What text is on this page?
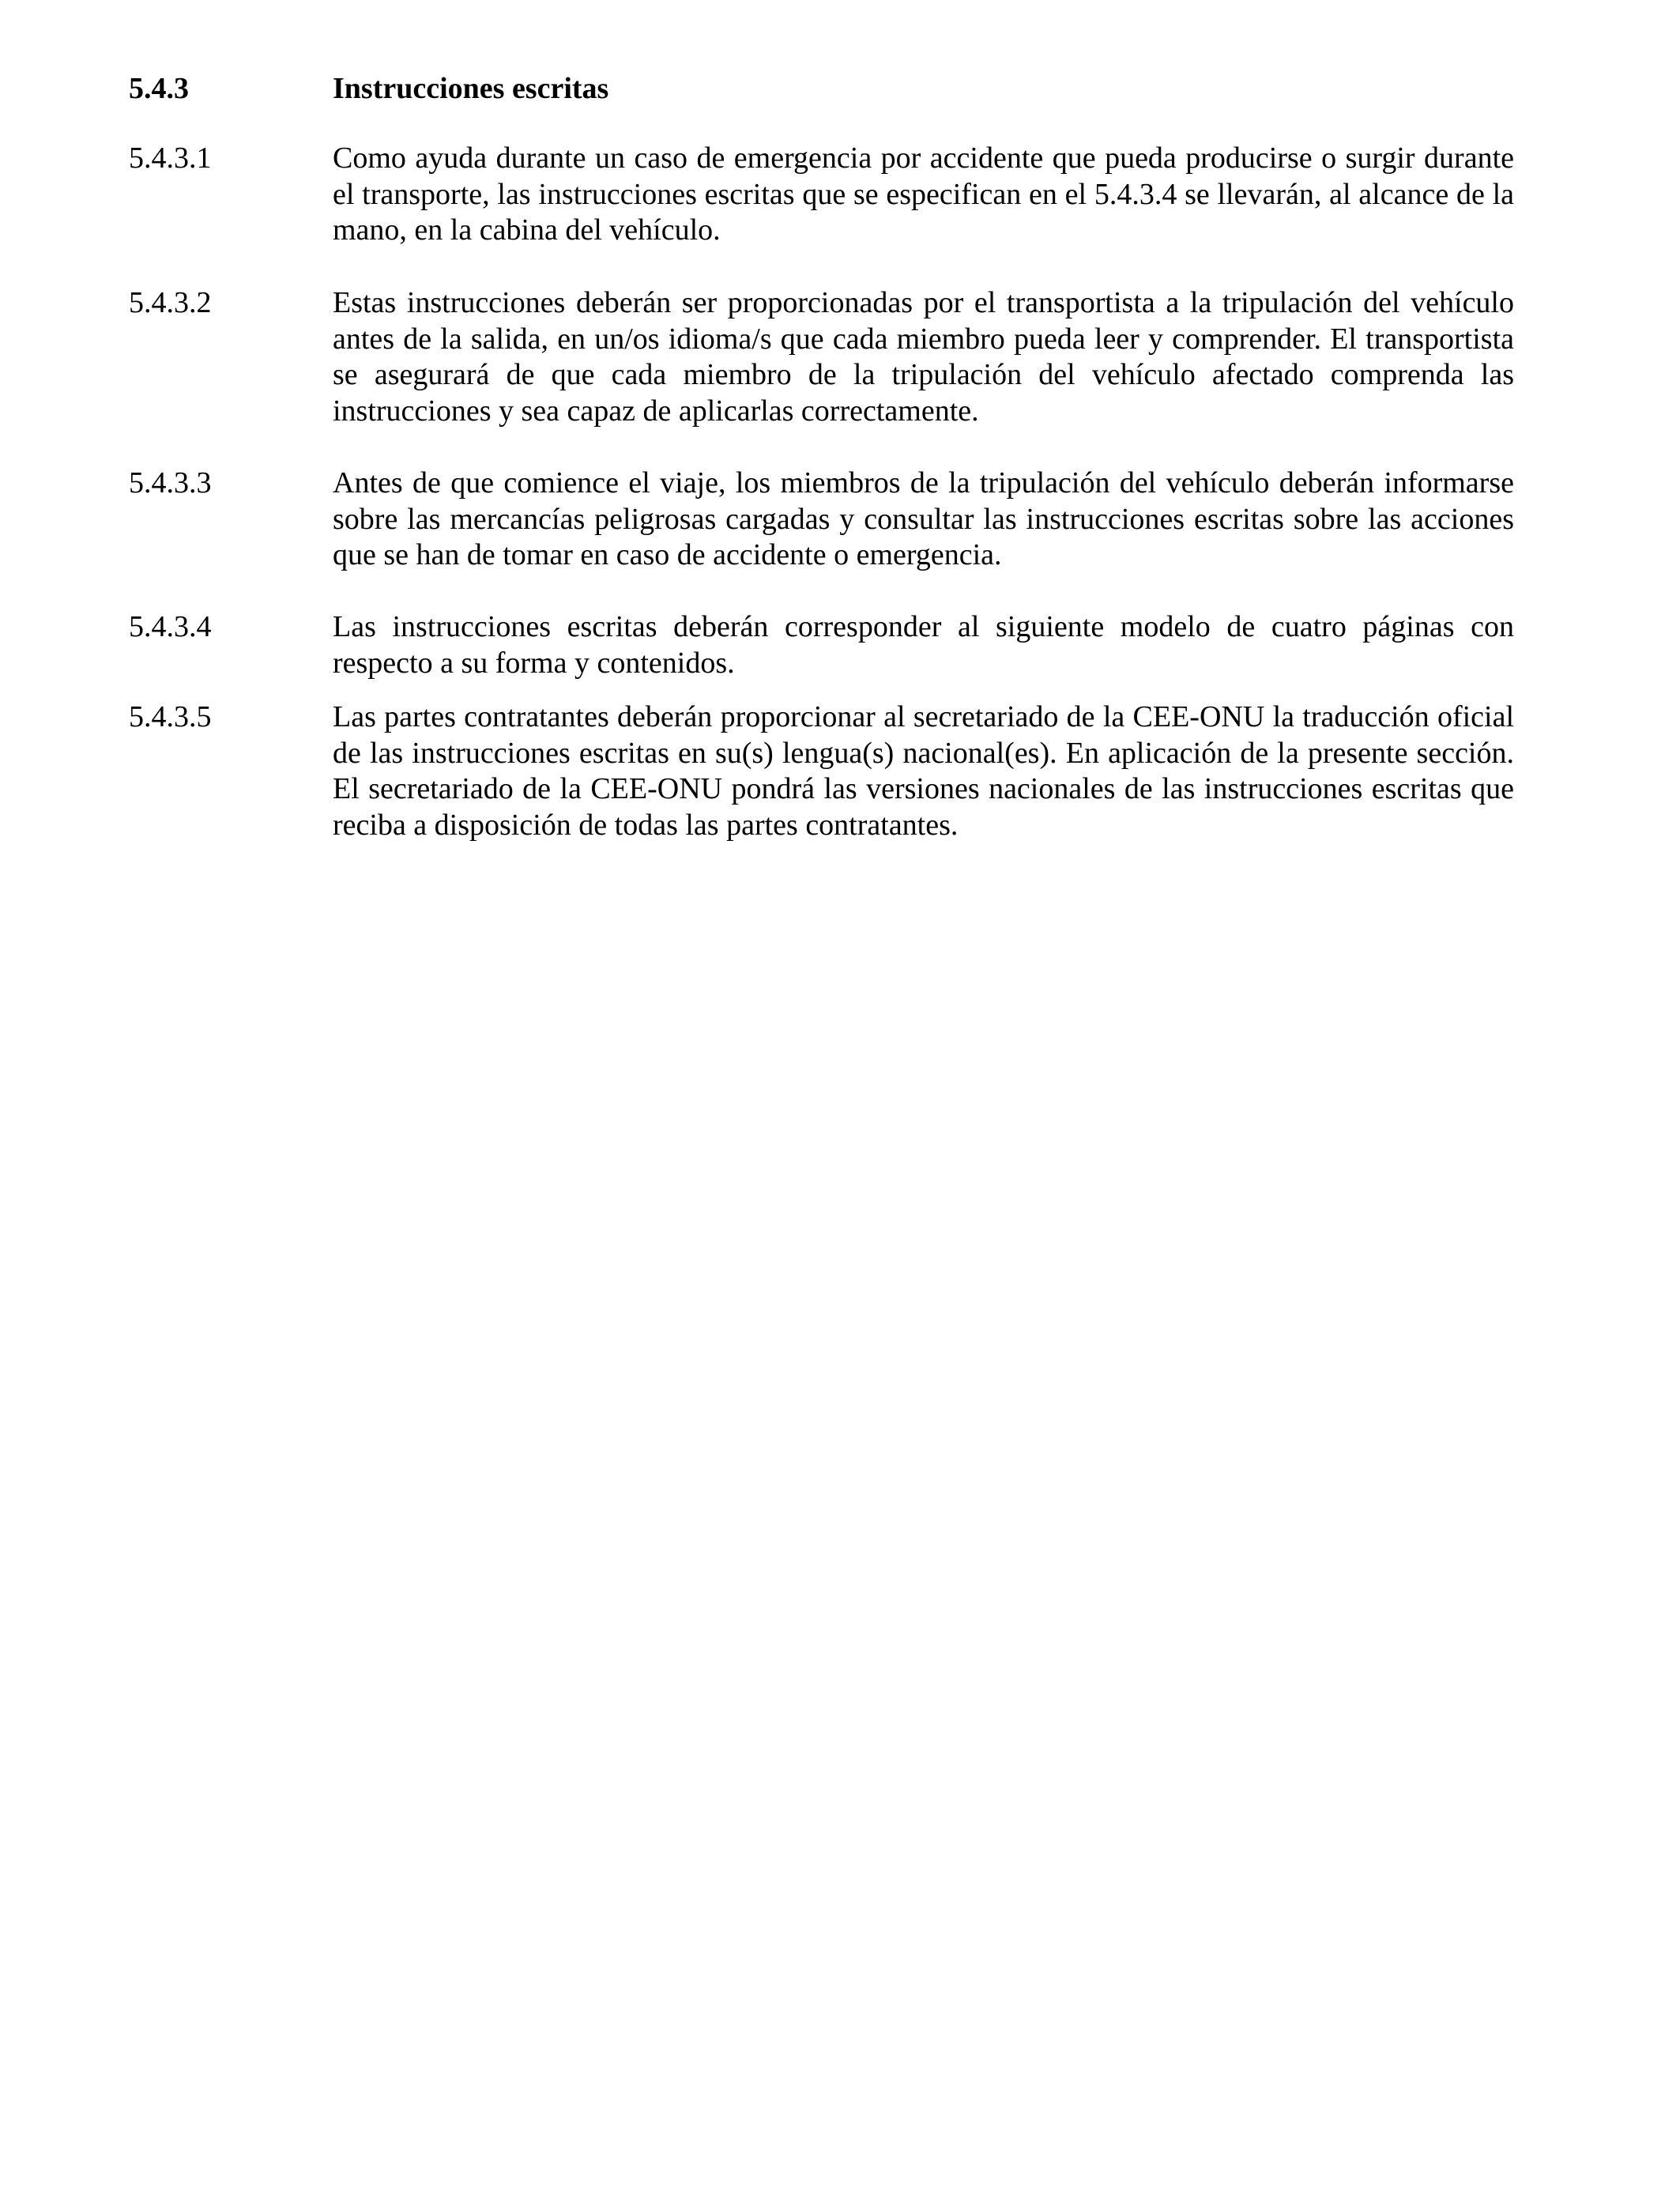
5.4.3	Instrucciones escritas
5.4.3.1	Como ayuda durante un caso de emergencia por accidente que pueda producirse o surgir durante el transporte, las instrucciones escritas que se especifican en el 5.4.3.4 se llevarán, al alcance de la mano, en la cabina del vehículo.
5.4.3.2	Estas instrucciones deberán ser proporcionadas por el transportista a la tripulación del vehículo antes de la salida, en un/os idioma/s que cada miembro pueda leer y comprender. El transportista se asegurará de que cada miembro de la tripulación del vehículo afectado comprenda las instrucciones y sea capaz de aplicarlas correctamente.
5.4.3.3	Antes de que comience el viaje, los miembros de la tripulación del vehículo deberán informarse sobre las mercancías peligrosas cargadas y consultar las instrucciones escritas sobre las acciones que se han de tomar en caso de accidente o emergencia.
5.4.3.4	Las instrucciones escritas deberán corresponder al siguiente modelo de cuatro páginas con respecto a su forma y contenidos.
5.4.3.5	Las partes contratantes deberán proporcionar al secretariado de la CEE-ONU la traducción oficial de las instrucciones escritas en su(s) lengua(s) nacional(es). En aplicación de la presente sección. El secretariado de la CEE-ONU pondrá las versiones nacionales de las instrucciones escritas que reciba a disposición de todas las partes contratantes.
